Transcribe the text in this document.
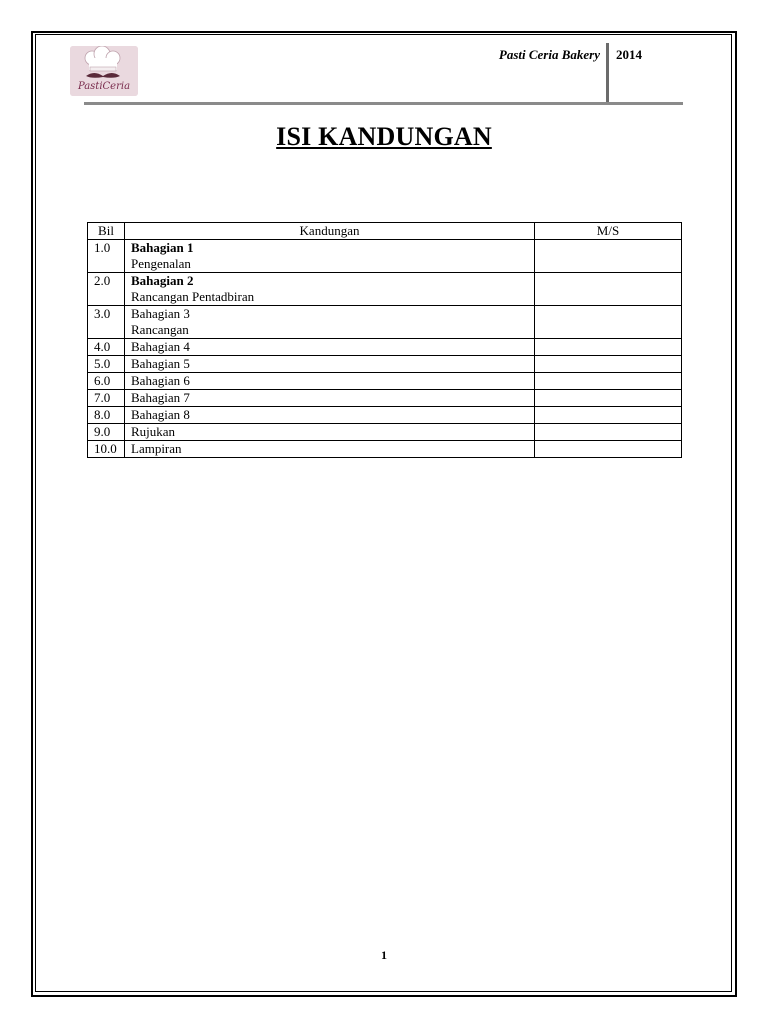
PastiCeria
Pasti Ceria Bakery 2014
ISI KANDUNGAN
Bil	Kandungan	M/S
1.0	Bahagian 1
Pengenalan	

2.0	Bahagian 2
Rancangan Pentadbiran	

3.0	Bahagian 3
Rancangan	

4.0	Bahagian 4	

5.0	Bahagian 5	

6.0	Bahagian 6	

7.0	Bahagian 7	

8.0	Bahagian 8	

9.0	Rujukan	

10.0	Lampiran	

1
